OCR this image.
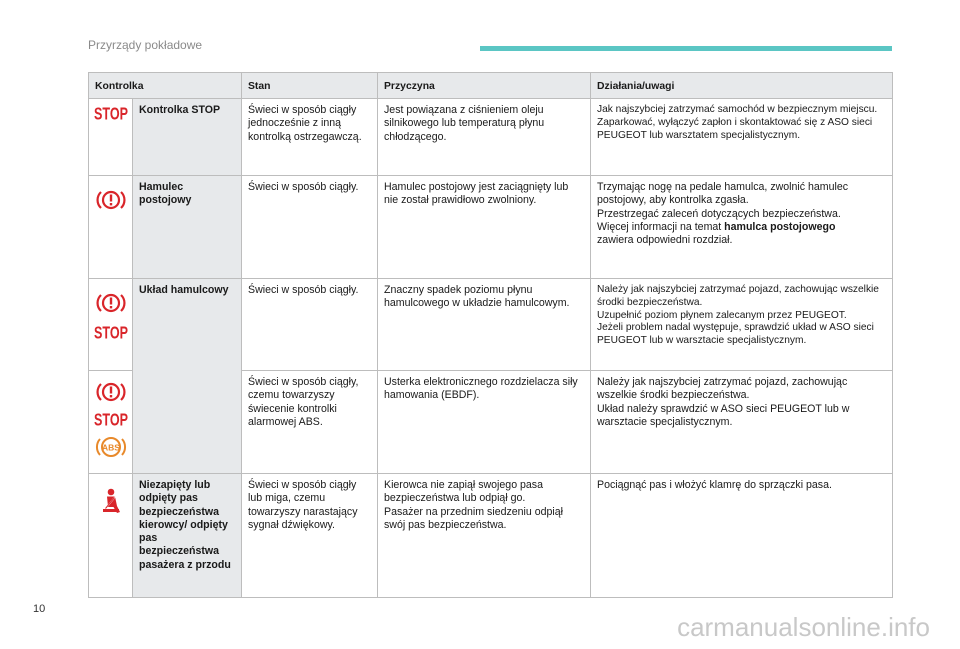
Przyrządy pokładowe
Kontrolka		Stan	Przyczyna	Działania/uwagi

STOP	Kontrolka STOP	Świeci w sposób ciągły jednocześnie z inną kontrolką ostrzegawczą.	Jest powiązana z ciśnieniem oleju silnikowego lub temperaturą płynu chłodzącego.	Jak najszybciej zatrzymać samochód w bezpiecznym miejscu.
Zaparkować, wyłączyć zapłon i skontaktować się z ASO sieci PEUGEOT lub warsztatem specjalistycznym.

	Hamulec postojowy	Świeci w sposób ciągły.	Hamulec postojowy jest zaciągnięty lub nie został prawidłowo zwolniony.	Trzymając nogę na pedale hamulca, zwolnić hamulec postojowy, aby kontrolka zgasła.
Przestrzegać zaleceń dotyczących bezpieczeństwa.
Więcej informacji na temat hamulca postojowego
zawiera odpowiedni rozdział.

STOP	Układ hamulcowy	Świeci w sposób ciągły.	Znaczny spadek poziomu płynu hamulcowego w układzie hamulcowym.	Należy jak najszybciej zatrzymać pojazd, zachowując wszelkie środki bezpieczeństwa.
Uzupełnić poziom płynem zalecanym przez PEUGEOT.
Jeżeli problem nadal występuje, sprawdzić układ w ASO sieci PEUGEOT lub w warsztacie specjalistycznym.

STOP
ABS		Świeci w sposób ciągły, czemu towarzyszy świecenie kontrolki alarmowej ABS.	Usterka elektronicznego rozdzielacza siły hamowania (EBDF).	Należy jak najszybciej zatrzymać pojazd, zachowując wszelkie środki bezpieczeństwa.
Układ należy sprawdzić w ASO sieci PEUGEOT lub w warsztacie specjalistycznym.

	Niezapięty lub odpięty pas bezpieczeństwa kierowcy/ odpięty pas bezpieczeństwa pasażera z przodu	Świeci w sposób ciągły lub miga, czemu towarzyszy narastający sygnał dźwiękowy.	Kierowca nie zapiął swojego pasa bezpieczeństwa lub odpiął go.
Pasażer na przednim siedzeniu odpiął swój pas bezpieczeństwa.	Pociągnąć pas i włożyć klamrę do sprzączki pasa.
10
carmanualsonline.info
